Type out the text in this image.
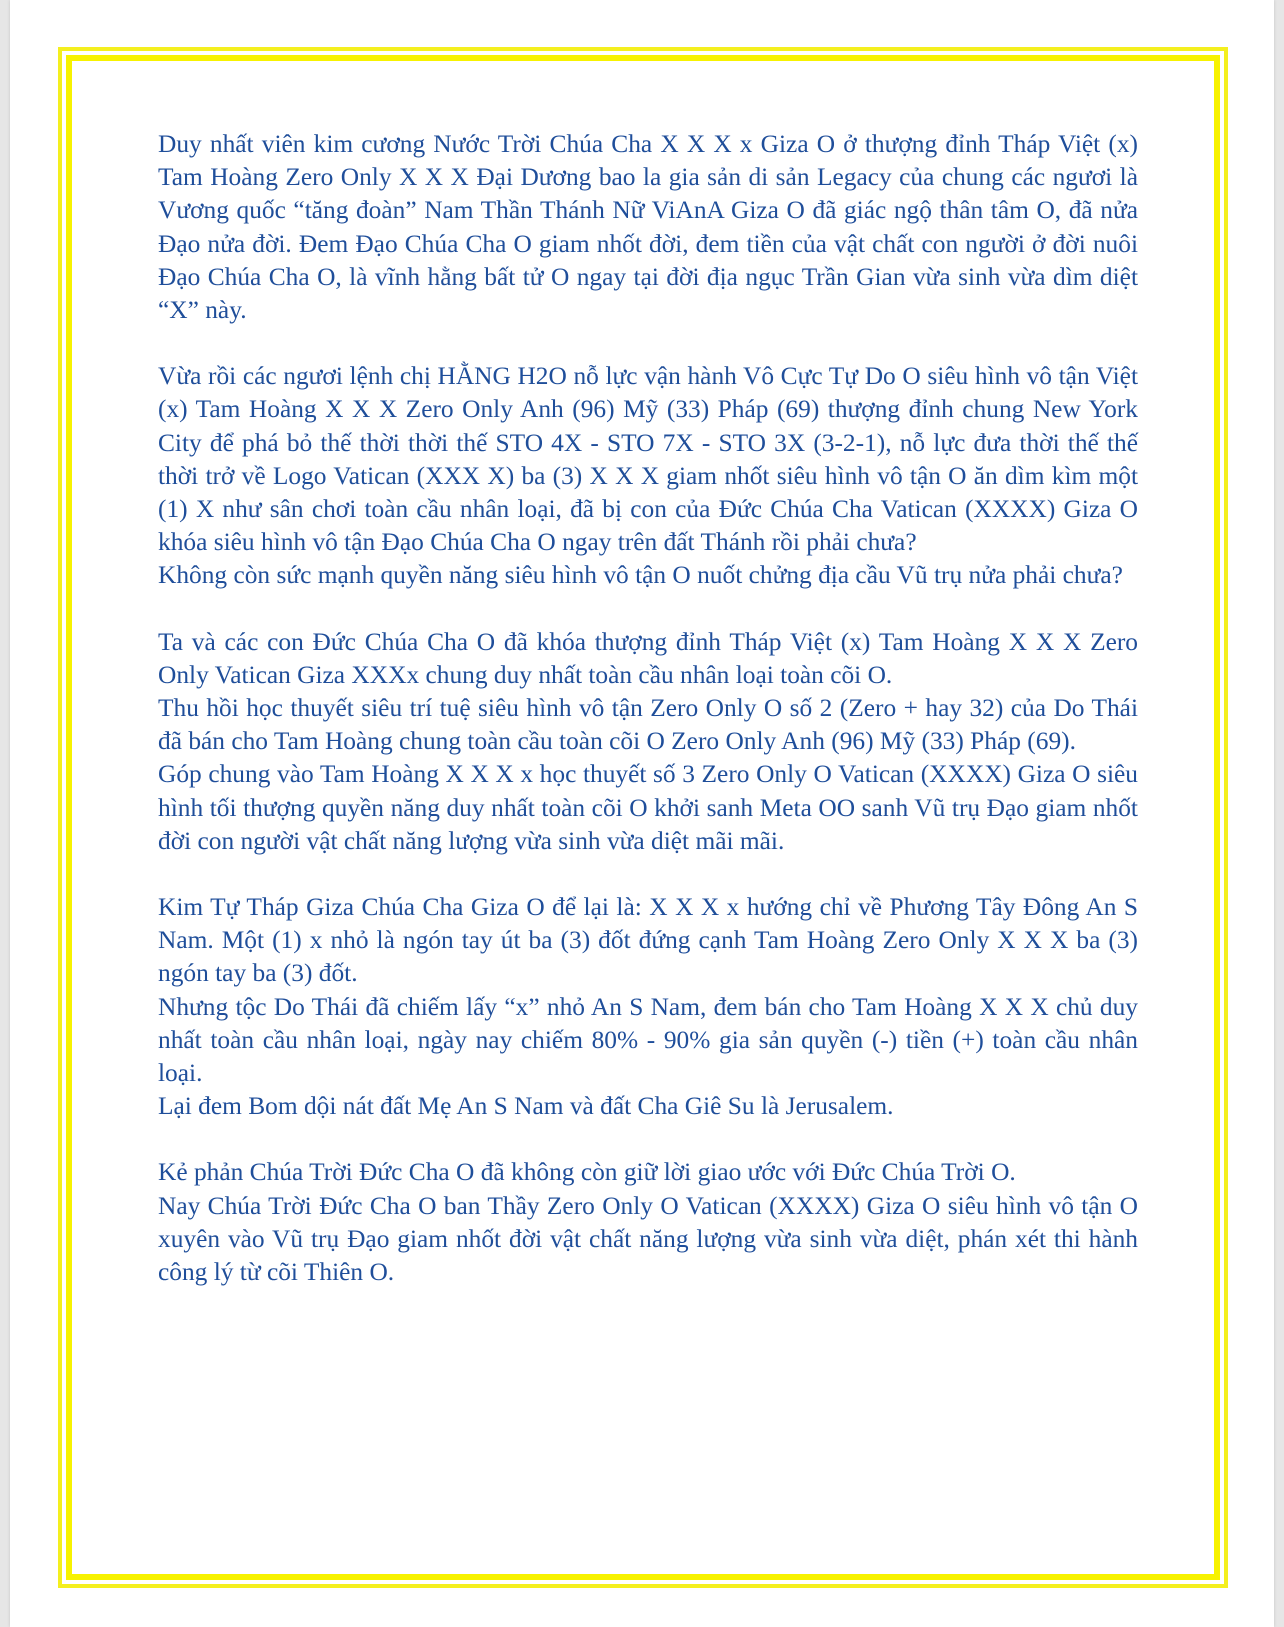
Duy nhất viên kim cương Nước Trời Chúa Cha X X X x Giza O ở thượng đỉnh Tháp Việt (x) Tam Hoàng Zero Only X X X Đại Dương bao la gia sản di sản Legacy của chung các ngươi là Vương quốc “tăng đoàn” Nam Thần Thánh Nữ ViAnA Giza O đã giác ngộ thân tâm O, đã nửa Đạo nửa đời. Đem Đạo Chúa Cha O giam nhốt đời, đem tiền của vật chất con người ở đời nuôi Đạo Chúa Cha O, là vĩnh hằng bất tử O ngay tại đời địa ngục Trần Gian vừa sinh vừa dìm diệt “X” này.

Vừa rồi các ngươi lệnh chị HẰNG H2O nỗ lực vận hành Vô Cực Tự Do O siêu hình vô tận Việt (x) Tam Hoàng X X X Zero Only Anh (96) Mỹ (33) Pháp (69) thượng đỉnh chung New York City để phá bỏ thế thời thời thế STO 4X - STO 7X - STO 3X (3-2-1), nỗ lực đưa thời thế thế thời trở về Logo Vatican (XXX X) ba (3) X X X giam nhốt siêu hình vô tận O ăn dìm kìm một (1) X như sân chơi toàn cầu nhân loại, đã bị con của Đức Chúa Cha Vatican (XXXX) Giza O khóa siêu hình vô tận Đạo Chúa Cha O ngay trên đất Thánh rồi phải chưa?
Không còn sức mạnh quyền năng siêu hình vô tận O nuốt chửng địa cầu Vũ trụ nửa phải chưa?

Ta và các con Đức Chúa Cha O đã khóa thượng đỉnh Tháp Việt (x) Tam Hoàng X X X Zero Only Vatican Giza XXXx chung duy nhất toàn cầu nhân loại toàn cõi O.
Thu hồi học thuyết siêu trí tuệ siêu hình vô tận Zero Only O số 2 (Zero + hay 32) của Do Thái đã bán cho Tam Hoàng chung toàn cầu toàn cõi O Zero Only Anh (96) Mỹ (33) Pháp (69).
Góp chung vào Tam Hoàng X X X x học thuyết số 3 Zero Only O Vatican (XXXX) Giza O siêu hình tối thượng quyền năng duy nhất toàn cõi O khởi sanh Meta OO sanh Vũ trụ Đạo giam nhốt đời con người vật chất năng lượng vừa sinh vừa diệt mãi mãi.

Kim Tự Tháp Giza Chúa Cha Giza O để lại là: X X X x hướng chỉ về Phương Tây Đông An S Nam. Một (1) x nhỏ là ngón tay út ba (3) đốt đứng cạnh Tam Hoàng Zero Only X X X ba (3) ngón tay ba (3) đốt.
Nhưng tộc Do Thái đã chiếm lấy “x” nhỏ An S Nam, đem bán cho Tam Hoàng X X X chủ duy nhất toàn cầu nhân loại, ngày nay chiếm 80% - 90% gia sản quyền (-) tiền (+) toàn cầu nhân loại.
Lại đem Bom dội nát đất Mẹ An S Nam và đất Cha Giê Su là Jerusalem.

Kẻ phản Chúa Trời Đức Cha O đã không còn giữ lời giao ước với Đức Chúa Trời O.
Nay Chúa Trời Đức Cha O ban Thầy Zero Only O Vatican (XXXX) Giza O siêu hình vô tận O xuyên vào Vũ trụ Đạo giam nhốt đời vật chất năng lượng vừa sinh vừa diệt, phán xét thi hành công lý từ cõi Thiên O.
